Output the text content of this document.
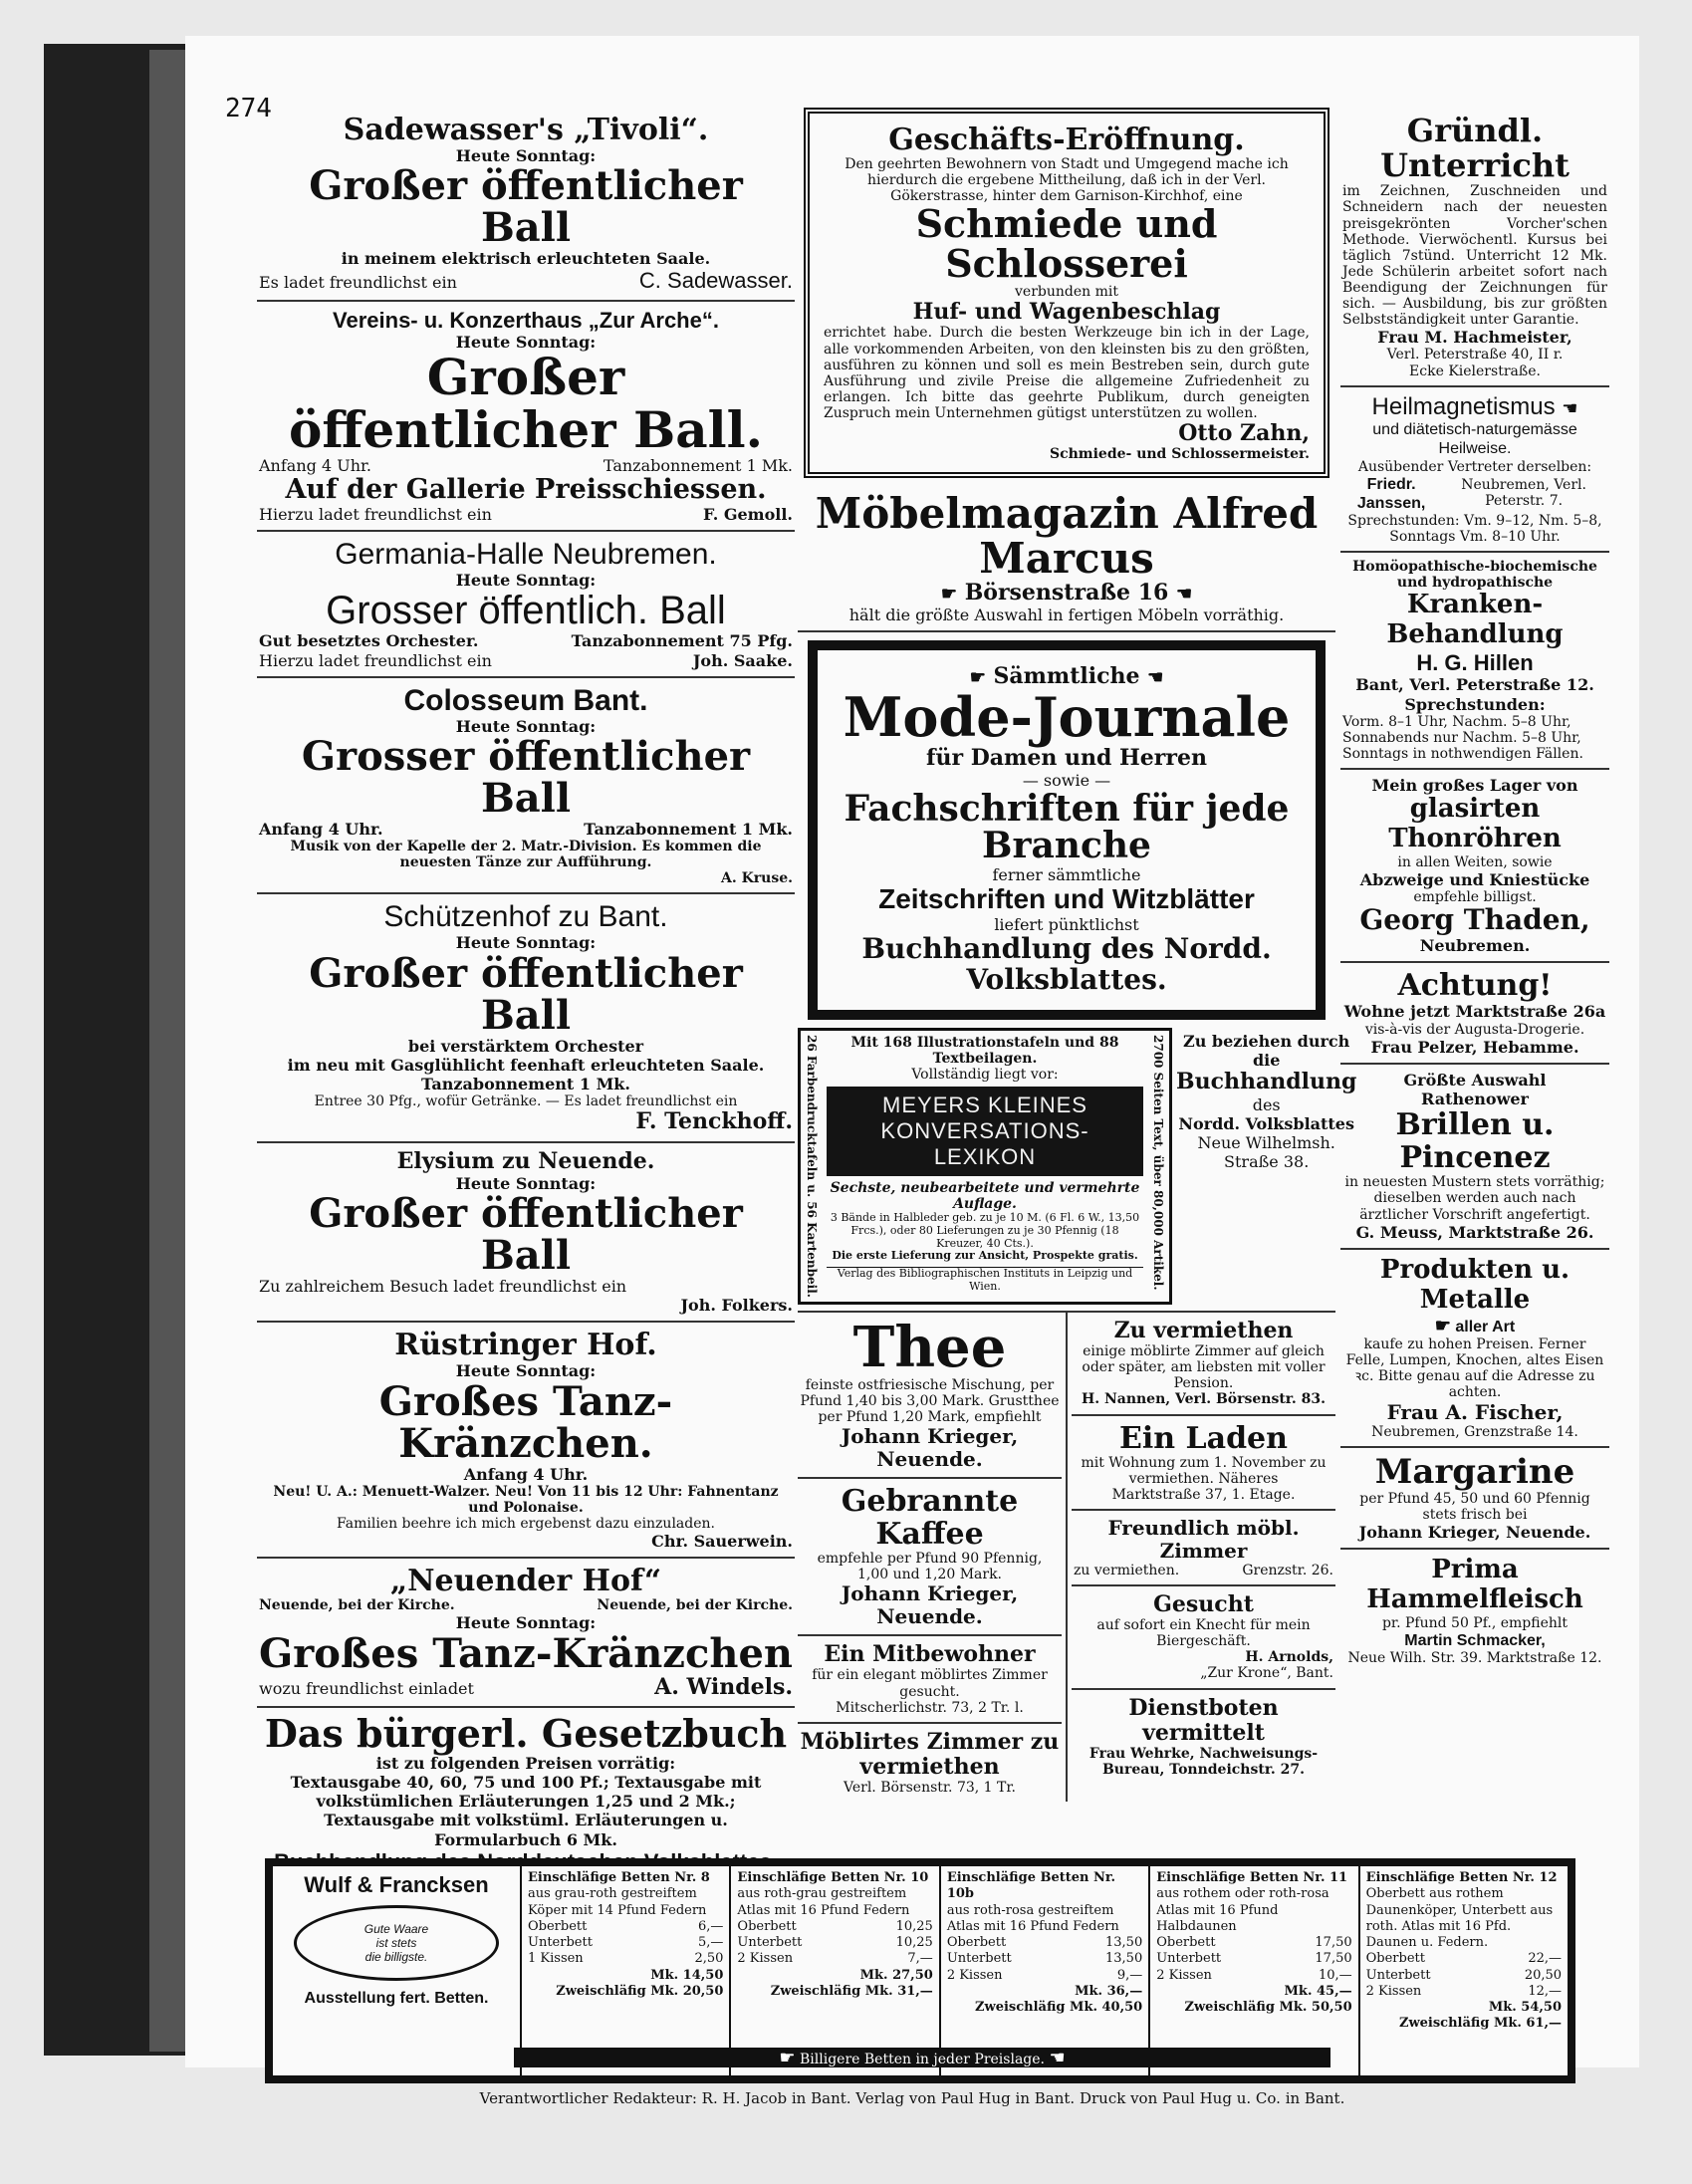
274
Sadewasser's „Tivoli“.
Heute Sonntag:
Großer öffentlicher Ball
in meinem elektrisch erleuchteten Saale.
Es ladet freundlichst ein	C. Sadewasser.
Vereins- u. Konzerthaus „Zur Arche“.
Heute Sonntag:
Großer öffentlicher Ball.
Anfang 4 Uhr.	Tanzabonnement 1 Mk.
Auf der Gallerie Preisschiessen.
Hierzu ladet freundlichst ein	F. Gemoll.
Germania-Halle Neubremen.
Heute Sonntag:
Grosser öffentlich. Ball
Gut besetztes Orchester.	Tanzabonnement 75 Pfg.
Hierzu ladet freundlichst ein	Joh. Saake.
Colosseum Bant.
Heute Sonntag:
Grosser öffentlicher Ball
Anfang 4 Uhr.	Tanzabonnement 1 Mk.
Musik von der Kapelle der 2. Matr.-Division. Es kommen die neuesten Tänze zur Aufführung.
A. Kruse.
Schützenhof zu Bant.
Heute Sonntag:
Großer öffentlicher Ball
bei verstärktem Orchester
im neu mit Gasglühlicht feenhaft erleuchteten Saale.
Tanzabonnement 1 Mk.
Entree 30 Pfg., wofür Getränke. — Es ladet freundlichst ein
F. Tenckhoff.
Elysium zu Neuende.
Heute Sonntag:
Großer öffentlicher Ball
Zu zahlreichem Besuch ladet freundlichst ein
Joh. Folkers.
Rüstringer Hof.
Heute Sonntag:
Großes Tanz-Kränzchen.
Anfang 4 Uhr.
Neu! U. A.: Menuett-Walzer. Neu! Von 11 bis 12 Uhr: Fahnentanz und Polonaise.
Familien beehre ich mich ergebenst dazu einzuladen.
Chr. Sauerwein.
„Neuender Hof“
Neuende, bei der Kirche.	Neuende, bei der Kirche.
Heute Sonntag:
Großes Tanz-Kränzchen
wozu freundlichst einladet	A. Windels.
Das bürgerl. Gesetzbuch
ist zu folgenden Preisen vorrätig:
Textausgabe 40, 60, 75 und 100 Pf.; Textausgabe mit volkstümlichen Erläuterungen 1,25 und 2 Mk.;
Textausgabe mit volkstüml. Erläuterungen u. Formularbuch 6 Mk.
Geschäfts-Eröffnung.
Den geehrten Bewohnern von Stadt und Umgegend mache ich hierdurch die ergebene Mittheilung, daß ich in der Verl. Gökerstrasse, hinter dem Garnison-Kirchhof, eine
Schmiede und Schlosserei
verbunden mit
Huf- und Wagenbeschlag
errichtet habe. Durch die besten Werkzeuge bin ich in der Lage, alle vorkommenden Arbeiten, von den kleinsten bis zu den größten, ausführen zu können und soll es mein Bestreben sein, durch gute Ausführung und zivile Preise die allgemeine Zufriedenheit zu erlangen. Ich bitte das geehrte Publikum, durch geneigten Zuspruch mein Unternehmen gütigst unterstützen zu wollen.
Otto Zahn,
Schmiede- und Schlossermeister.
Möbelmagazin Alfred Marcus
☛ Börsenstraße 16 ☚
hält die größte Auswahl in fertigen Möbeln vorräthig.
☛ Sämmtliche ☚
Mode-Journale
für Damen und Herren
— sowie —
Fachschriften für jede Branche
ferner sämmtliche
Zeitschriften und Witzblätter
liefert pünktlichst
Buchhandlung des Nordd. Volksblattes.
26 Farbendrucktafeln u. 56 Kartenbeil.	Mit 168 Illustrationstafeln und 88 Textbeilagen.
Vollständig liegt vor:
MEYERS KLEINES
KONVERSATIONS-LEXIKON
Sechste, neubearbeitete und vermehrte Auflage.
3 Bände in Halbleder geb. zu je 10 M. (6 Fl. 6 W., 13,50 Frcs.), oder 80 Lieferungen zu je 30 Pfennig (18 Kreuzer, 40 Cts.).
Die erste Lieferung zur Ansicht, Prospekte gratis.
Verlag des Bibliographischen Instituts in Leipzig und Wien.	2700 Seiten Text, über 80,000 Artikel.	Zu beziehen durch die
Buchhandlung
des
Nordd. Volksblattes
Neue Wilhelmsh. Straße 38.
Thee
feinste ostfriesische Mischung, per Pfund 1,40 bis 3,00 Mark. Grustthee per Pfund 1,20 Mark, empfiehlt
Johann Krieger, Neuende.
Gebrannte Kaffee
empfehle per Pfund 90 Pfennig, 1,00 und 1,20 Mark.
Johann Krieger, Neuende.
Ein Mitbewohner
für ein elegant möblirtes Zimmer gesucht.
Mitscherlichstr. 73, 2 Tr. l.
Möblirtes Zimmer zu vermiethen
Verl. Börsenstr. 73, 1 Tr.
Zu vermiethen
einige möblirte Zimmer auf gleich oder später, am liebsten mit voller Pension.
H. Nannen, Verl. Börsenstr. 83.
Ein Laden
mit Wohnung zum 1. November zu vermiethen. Näheres
Marktstraße 37, 1. Etage.
Freundlich möbl. Zimmer
zu vermiethen.	Grenzstr. 26.
Gesucht
auf sofort ein Knecht für mein Biergeschäft.
H. Arnolds,
„Zur Krone“, Bant.
Dienstboten vermittelt
Frau Wehrke, Nachweisungs-Bureau, Tonndeichstr. 27.
Gründl. Unterricht
im Zeichnen, Zuschneiden und Schneidern nach der neuesten preisgekrönten Vorcher'schen Methode. Vierwöchentl. Kursus bei täglich 7stünd. Unterricht 12 Mk. Jede Schülerin arbeitet sofort nach Beendigung der Zeichnungen für sich. — Ausbildung, bis zur größten Selbstständigkeit unter Garantie.
Frau M. Hachmeister,
Verl. Peterstraße 40, II r.
Ecke Kielerstraße.
Heilmagnetismus ☚
und diätetisch-naturgemässe Heilweise.
Ausübender Vertreter derselben:
Friedr. Janssen,
Neubremen, Verl. Peterstr. 7.
Sprechstunden: Vm. 9–12, Nm. 5–8, Sonntags Vm. 8–10 Uhr.
Homöopathische-biochemische und hydropathische
Kranken-Behandlung
H. G. Hillen
Bant, Verl. Peterstraße 12.
Sprechstunden:
Vorm. 8–1 Uhr, Nachm. 5–8 Uhr, Sonnabends nur Nachm. 5–8 Uhr, Sonntags in nothwendigen Fällen.
Mein großes Lager von
glasirten Thonröhren
in allen Weiten, sowie
Abzweige und Kniestücke
empfehle billigst.
Georg Thaden,
Neubremen.
Achtung!
Wohne jetzt Marktstraße 26a
vis-à-vis der Augusta-Drogerie.
Frau Pelzer, Hebamme.
Größte Auswahl
Rathenower
Brillen u. Pincenez
in neuesten Mustern stets vorräthig; dieselben werden auch nach ärztlicher Vorschrift angefertigt.
G. Meuss, Marktstraße 26.
Produkten u. Metalle
☛ aller Art
kaufe zu hohen Preisen. Ferner Felle, Lumpen, Knochen, altes Eisen ꝛc. Bitte genau auf die Adresse zu achten.
Frau A. Fischer,
Neubremen, Grenzstraße 14.
Margarine
per Pfund 45, 50 und 60 Pfennig stets frisch bei
Johann Krieger, Neuende.
Prima Hammelfleisch
pr. Pfund 50 Pf., empfiehlt
Martin Schmacker,
Neue Wilh. Str. 39. Marktstraße 12.
Wulf & Francksen
Gute Waare
ist stets
die billigste.
Ausstellung fert. Betten.
Einschläfige Betten Nr. 8
aus grau-roth gestreiftem Köper mit 14 Pfund Federn
Oberbett	6,—
Unterbett	5,—
1 Kissen	2,50
Mk. 14,50
Zweischläfig Mk. 20,50
Einschläfige Betten Nr. 10
aus roth-grau gestreiftem Atlas mit 16 Pfund Federn
Oberbett	10,25
Unterbett	10,25
2 Kissen	7,—
Mk. 27,50
Zweischläfig Mk. 31,—
Einschläfige Betten Nr. 10b
aus roth-rosa gestreiftem Atlas mit 16 Pfund Federn
Oberbett	13,50
Unterbett	13,50
2 Kissen	9,—
Mk. 36,—
Zweischläfig Mk. 40,50
Einschläfige Betten Nr. 11
aus rothem oder roth-rosa Atlas mit 16 Pfund Halbdaunen
Oberbett	17,50
Unterbett	17,50
2 Kissen	10,—
Mk. 45,—
Zweischläfig Mk. 50,50
Einschläfige Betten Nr. 12
Oberbett aus rothem Daunenköper, Unterbett aus roth. Atlas mit 16 Pfd. Daunen u. Federn.
Oberbett	22,—
Unterbett	20,50
2 Kissen	12,—
Mk. 54,50
Zweischläfig Mk. 61,—
☛ Billigere Betten in jeder Preislage. ☚
Verantwortlicher Redakteur: R. H. Jacob in Bant. Verlag von Paul Hug in Bant. Druck von Paul Hug u. Co. in Bant.
